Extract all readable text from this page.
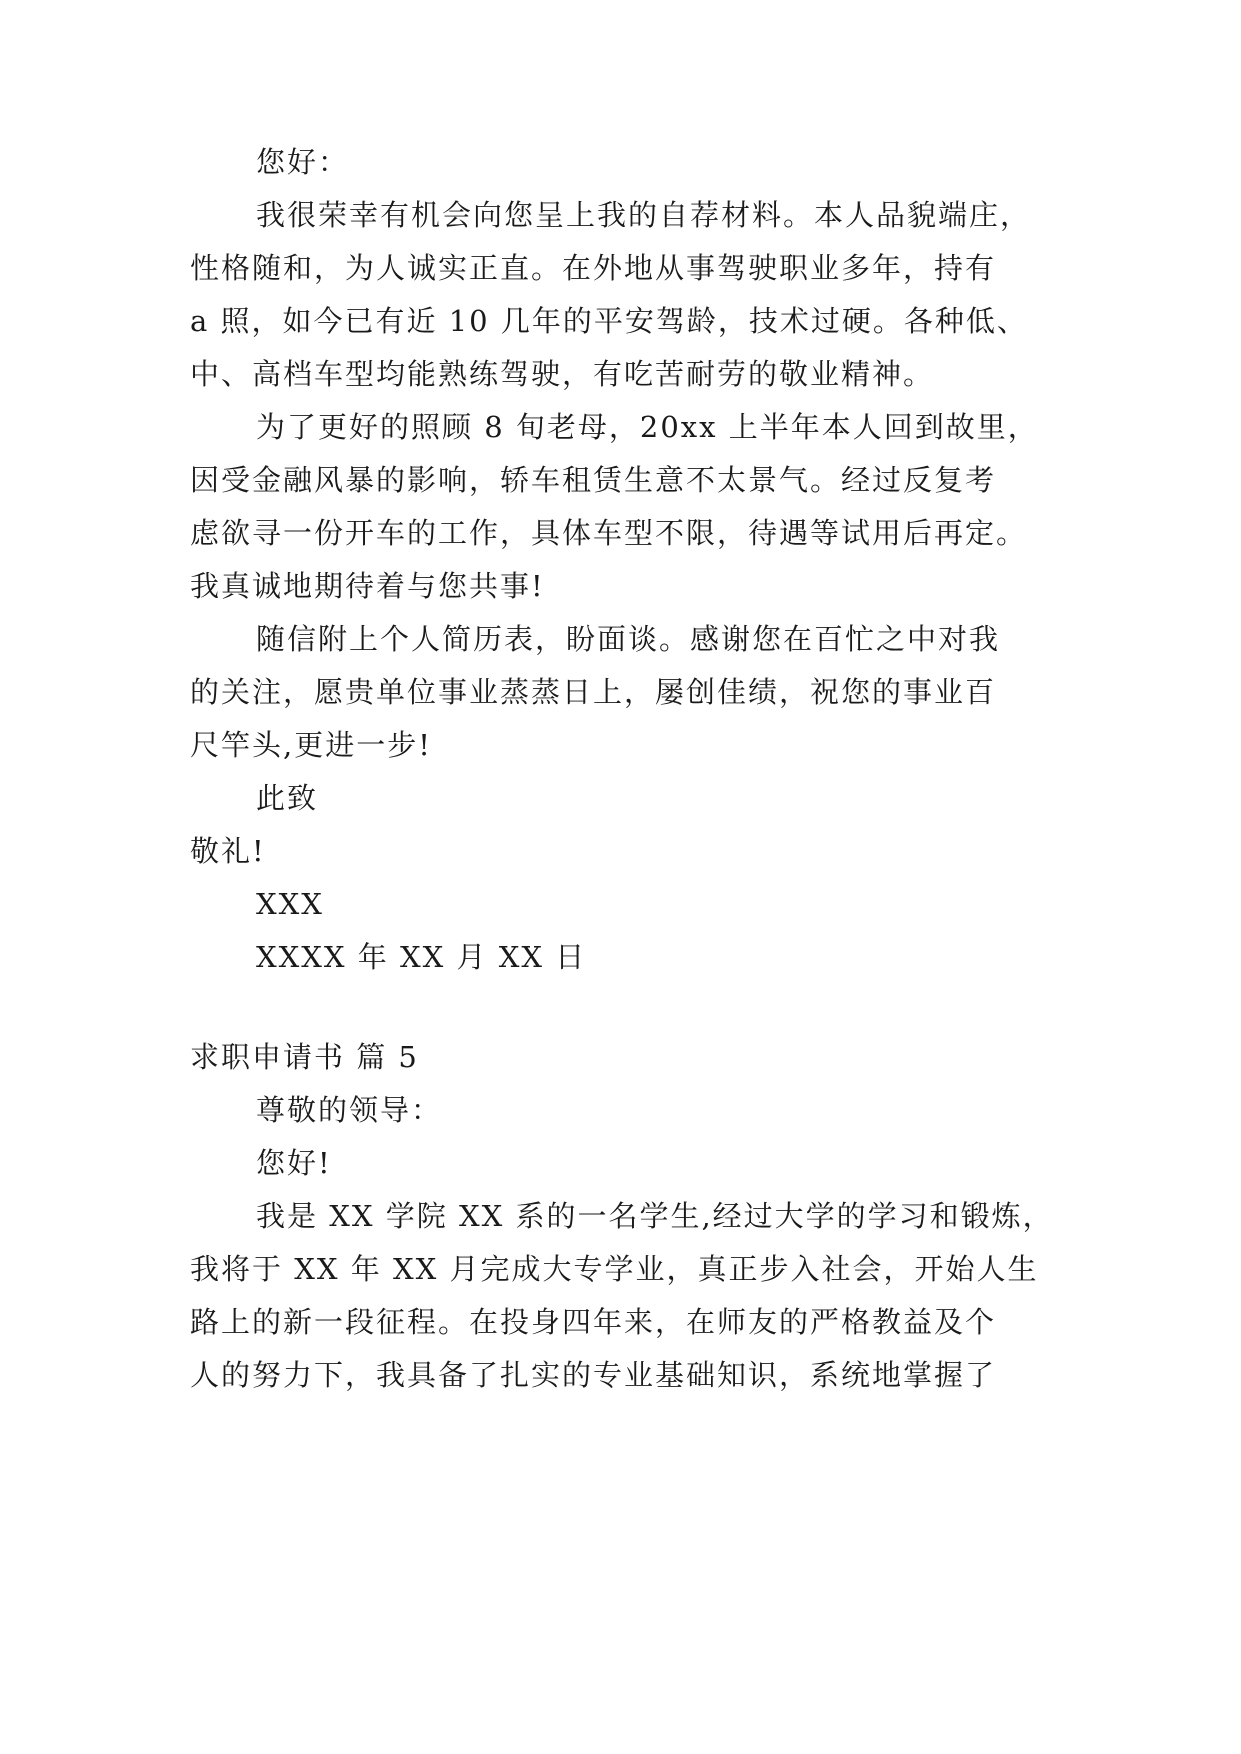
您好：
我很荣幸有机会向您呈上我的自荐材料。本人品貌端庄，
性格随和，为人诚实正直。在外地从事驾驶职业多年，持有
a 照，如今已有近 10 几年的平安驾龄，技术过硬。各种低、
中、高档车型均能熟练驾驶，有吃苦耐劳的敬业精神。
为了更好的照顾 8 旬老母，20xx 上半年本人回到故里，
因受金融风暴的影响，轿车租赁生意不太景气。经过反复考
虑欲寻一份开车的工作，具体车型不限，待遇等试用后再定。
我真诚地期待着与您共事!
随信附上个人简历表，盼面谈。感谢您在百忙之中对我
的关注，愿贵单位事业蒸蒸日上，屡创佳绩，祝您的事业百
尺竿头,更进一步!
此致
敬礼!
XXX
XXXX 年 XX 月 XX 日
求职申请书 篇 5
尊敬的领导：
您好!
我是 XX 学院 XX 系的一名学生,经过大学的学习和锻炼，
我将于 XX 年 XX 月完成大专学业，真正步入社会，开始人生
路上的新一段征程。在投身四年来，在师友的严格教益及个
人的努力下，我具备了扎实的专业基础知识，系统地掌握了
